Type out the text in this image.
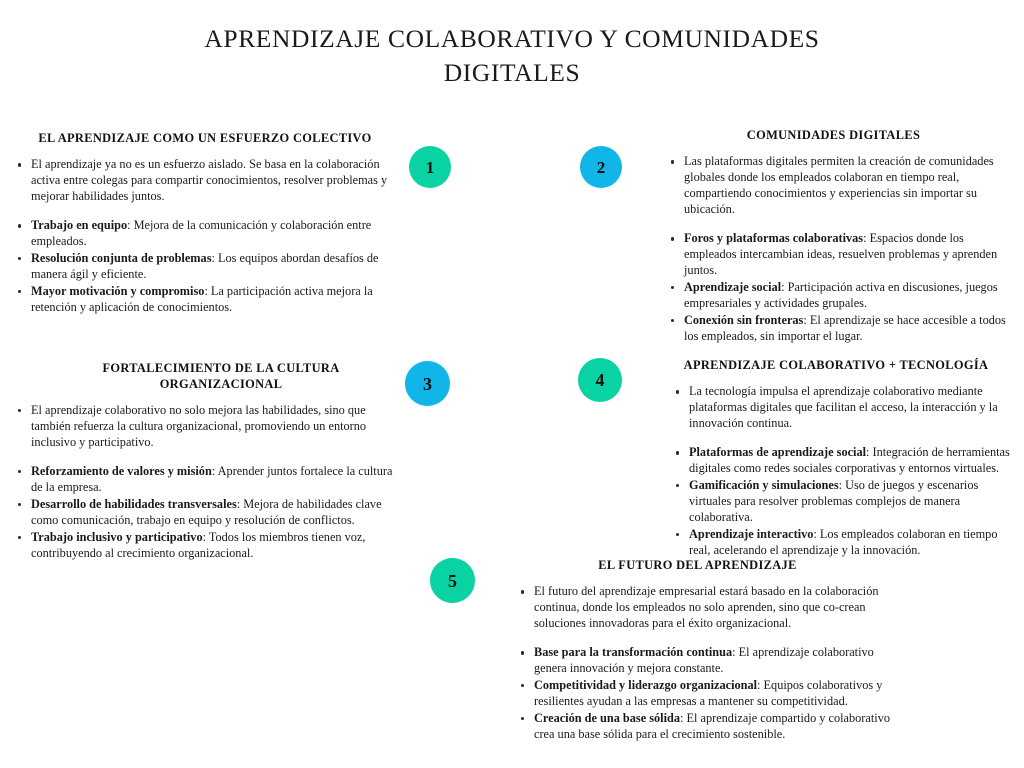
APRENDIZAJE COLABORATIVO Y COMUNIDADES DIGITALES
EL APRENDIZAJE COMO UN ESFUERZO COLECTIVO
El aprendizaje ya no es un esfuerzo aislado. Se basa en la colaboración activa entre colegas para compartir conocimientos, resolver problemas y mejorar habilidades juntos.
Trabajo en equipo: Mejora de la comunicación y colaboración entre empleados.
Resolución conjunta de problemas: Los equipos abordan desafíos de manera ágil y eficiente.
Mayor motivación y compromiso: La participación activa mejora la retención y aplicación de conocimientos.
COMUNIDADES DIGITALES
Las plataformas digitales permiten la creación de comunidades globales donde los empleados colaboran en tiempo real, compartiendo conocimientos y experiencias sin importar su ubicación.
Foros y plataformas colaborativas: Espacios donde los empleados intercambian ideas, resuelven problemas y aprenden juntos.
Aprendizaje social: Participación activa en discusiones, juegos empresariales y actividades grupales.
Conexión sin fronteras: El aprendizaje se hace accesible a todos los empleados, sin importar el lugar.
FORTALECIMIENTO DE LA CULTURA ORGANIZACIONAL
El aprendizaje colaborativo no solo mejora las habilidades, sino que también refuerza la cultura organizacional, promoviendo un entorno inclusivo y participativo.
Reforzamiento de valores y misión: Aprender juntos fortalece la cultura de la empresa.
Desarrollo de habilidades transversales: Mejora de habilidades clave como comunicación, trabajo en equipo y resolución de conflictos.
Trabajo inclusivo y participativo: Todos los miembros tienen voz, contribuyendo al crecimiento organizacional.
APRENDIZAJE COLABORATIVO + TECNOLOGÍA
La tecnología impulsa el aprendizaje colaborativo mediante plataformas digitales que facilitan el acceso, la interacción y la innovación continua.
Plataformas de aprendizaje social: Integración de herramientas digitales como redes sociales corporativas y entornos virtuales.
Gamificación y simulaciones: Uso de juegos y escenarios virtuales para resolver problemas complejos de manera colaborativa.
Aprendizaje interactivo: Los empleados colaboran en tiempo real, acelerando el aprendizaje y la innovación.
EL FUTURO DEL APRENDIZAJE
El futuro del aprendizaje empresarial estará basado en la colaboración continua, donde los empleados no solo aprenden, sino que co-crean soluciones innovadoras para el éxito organizacional.
Base para la transformación continua: El aprendizaje colaborativo genera innovación y mejora constante.
Competitividad y liderazgo organizacional: Equipos colaborativos y resilientes ayudan a las empresas a mantener su competitividad.
Creación de una base sólida: El aprendizaje compartido y colaborativo crea una base sólida para el crecimiento sostenible.
1	2
3	4
5
